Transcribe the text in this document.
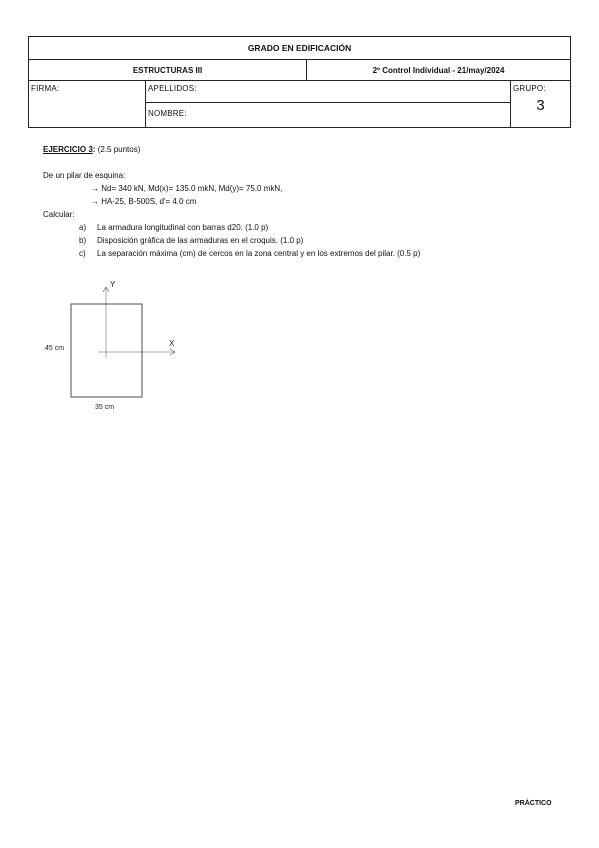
GRADO EN EDIFICACIÓN			
ESTRUCTURAS III		2º Control Individual - 21/may/2024	

FIRMA:	APELLIDOS:		GRUPO:
3

	NOMBRE:		
EJERCICIO 3: (2.5 puntos)
De un pilar de esquina:
→ Nd= 340 kN, Md(x)= 135.0 mkN, Md(y)= 75.0 mkN,
→ HA-25, B-500S, d'= 4.0 cm
Calcular:
a) La armadura longitudinal con barras d20. (1.0 p)
b) Disposición gráfica de las armaduras en el croquis. (1.0 p)
c) La separación máxima (cm) de cercos en la zona central y en los extremos del pilar. (0.5 p)
Y
X
45 cm
35 cm
PRÁCTICO
